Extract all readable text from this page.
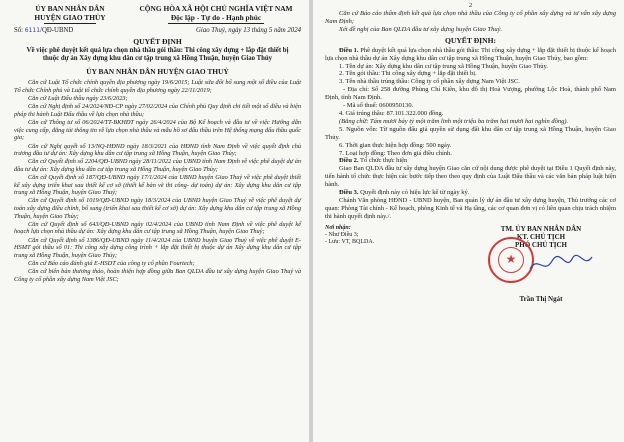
ỦY BAN NHÂN DÂN
HUYỆN GIAO THỦY
CỘNG HÒA XÃ HỘI CHỦ NGHĨA VIỆT NAM
Độc lập - Tự do - Hạnh phúc
Số: 6111/QĐ-UBND	Giao Thuỷ, ngày 13 tháng 5 năm 2024
QUYẾT ĐỊNH
Về việc phê duyệt kết quả lựa chọn nhà thầu gói thầu: Thi công xây dựng + lắp đặt thiết bị thuộc dự án Xây dựng khu dân cư tập trung xã Hồng Thuận, huyện Giao Thủy
ỦY BAN NHÂN DÂN HUYỆN GIAO THUỶ

Căn cứ Luật Tổ chức chính quyền địa phương ngày 19/6/2015; Luật sửa đổi bổ sung một số điều của Luật Tổ chức Chính phủ và Luật tổ chức chính quyền địa phương ngày 22/11/2019;

Căn cứ Luật Đấu thầu ngày 23/6/2023;

Căn cứ Nghị định số 24/2024/NĐ-CP ngày 27/02/2024 của Chính phủ Quy định chi tiết một số điều và biện pháp thi hành Luật Đấu thầu về lựa chọn nhà thầu;

Căn cứ Thông tư số 06/2024/TT-BKHĐT ngày 26/4/2024 của Bộ Kế hoạch và đầu tư về việc Hướng dẫn việc cung cấp, đăng tải thông tin về lựa chọn nhà thầu và mẫu hồ sơ đấu thầu trên Hệ thống mạng đấu thầu quốc gia;

Căn cứ Nghị quyết số 13/NQ-HĐND ngày 18/3/2021 của HĐND tỉnh Nam Định về việc quyết định chủ trương đầu tư dự án: Xây dựng khu dân cư tập trung xã Hồng Thuận, huyện Giao Thủy;

Căn cứ Quyết định số 2204/QĐ-UBND ngày 28/11/2022 của UBND tỉnh Nam Định về việc phê duyệt dự án đầu tư dự án: Xây dựng khu dân cư tập trung xã Hồng Thuận, huyện Giao Thủy;

Căn cứ Quyết định số 187/QĐ-UBND ngày 17/1/2024 của UBND huyện Giao Thuỷ về việc phê duyệt thiết kế xây dựng triển khai sau thiết kế cơ sở (thiết kế bản vẽ thi công- dự toán) dự án: Xây dựng khu dân cư tập trung xã Hồng Thuận, huyện Giao Thuỷ;

Căn cứ Quyết định số 1019/QĐ-UBND ngày 18/3/2024 của UBND huyện Giao Thuỷ về việc phê duyệt dự toán xây dựng điều chỉnh, bổ sung (triển khai sau thiết kế cơ sở) dự án: Xây dựng khu dân cư tập trung xã Hồng Thuận, huyện Giao Thủy;

Căn cứ Quyết định số 643/QĐ-UBND ngày 02/4/2024 của UBND tỉnh Nam Định về việc phê duyệt kế hoạch lựa chọn nhà thầu dự án: Xây dựng khu dân cư tập trung xã Hồng Thuận, huyện Giao Thuỷ;

Căn cứ Quyết định số 1386/QĐ-UBND ngày 11/4/2024 của UBND huyện Giao Thuỷ về việc phê duyệt E-HSMT gói thầu số 01: Thi công xây dựng công trình + lắp đặt thiết bị thuộc dự án Xây dựng khu dân cư tập trung xã Hồng Thuận, huyện Giao Thủy;

Căn cứ Báo cáo đánh giá E-HSDT của công ty cổ phần Fourtech;

Căn cứ biên bản thương thảo, hoàn thiện hợp đồng giữa Ban QLDA đầu tư xây dựng huyện Giao Thuỷ và Công ty cổ phần xây dựng Nam Việt JSC;

2

Căn cứ Báo cáo thẩm định kết quả lựa chọn nhà thầu của Công ty cổ phần xây dựng và tư vấn xây dựng Nam Định;

Xét đề nghị của Ban QLDA đầu tư xây dựng huyện Giao Thuỷ.

QUYẾT ĐỊNH:

Điều 1. Phê duyệt kết quả lựa chọn nhà thầu gói thầu: Thi công xây dựng + lắp đặt thiết bị thuộc kế hoạch lựa chọn nhà thầu dự án Xây dựng khu dân cư tập trung xã Hồng Thuận, huyện Giao Thủy, bao gồm:

1. Tên dự án: Xây dựng khu dân cư tập trung xã Hồng Thuận, huyện Giao Thủy.

2. Tên gói thầu: Thi công xây dựng + lắp đặt thiết bị.

3. Tên nhà thầu trúng thầu: Công ty cổ phần xây dựng Nam Việt JSC.

- Địa chỉ: Số 258 đường Phùng Chí Kiên, khu đô thị Hoà Vượng, phường Lộc Hoà, thành phố Nam Định, tỉnh Nam Định.

- Mã số thuế: 0600950130.

4. Giá trúng thầu: 87.101.322.000 đồng.

(Bằng chữ: Tám mươi bảy tỷ một trăm linh một triệu ba trăm hai mươi hai nghìn đồng).

5. Nguồn vốn: Từ nguồn đấu giá quyền sử dụng đất khu dân cư tập trung xã Hồng Thuận, huyện Giao Thủy.

6. Thời gian thực hiện hợp đồng: 500 ngày.

7. Loại hợp đồng: Theo đơn giá điều chỉnh.

Điều 2. Tổ chức thực hiện

Giao Ban QLDA đầu tư xây dựng huyện Giao căn cứ nội dung được phê duyệt tại Điều 1 Quyết định này, tiến hành tổ chức thực hiện các bước tiếp theo theo quy định của Luật Đấu thầu và các văn bản pháp luật hiện hành.

Điều 3. Quyết định này có hiệu lực kể từ ngày ký.

Chánh Văn phòng HĐND - UBND huyện, Ban quản lý dự án đầu tư xây dựng huyện, Thủ trưởng các cơ quan: Phòng Tài chính - Kế hoạch, phòng Kinh tế và Hạ tầng, các cơ quan đơn vị có liên quan chịu trách nhiệm thi hành quyết định này./.

Nơi nhận:
- Như Điều 3;
- Lưu: VT, BQLDA.
TM. ỦY BAN NHÂN DÂN
KT. CHỦ TỊCH
PHÓ CHỦ TỊCH
★
Trần Thị Ngát
